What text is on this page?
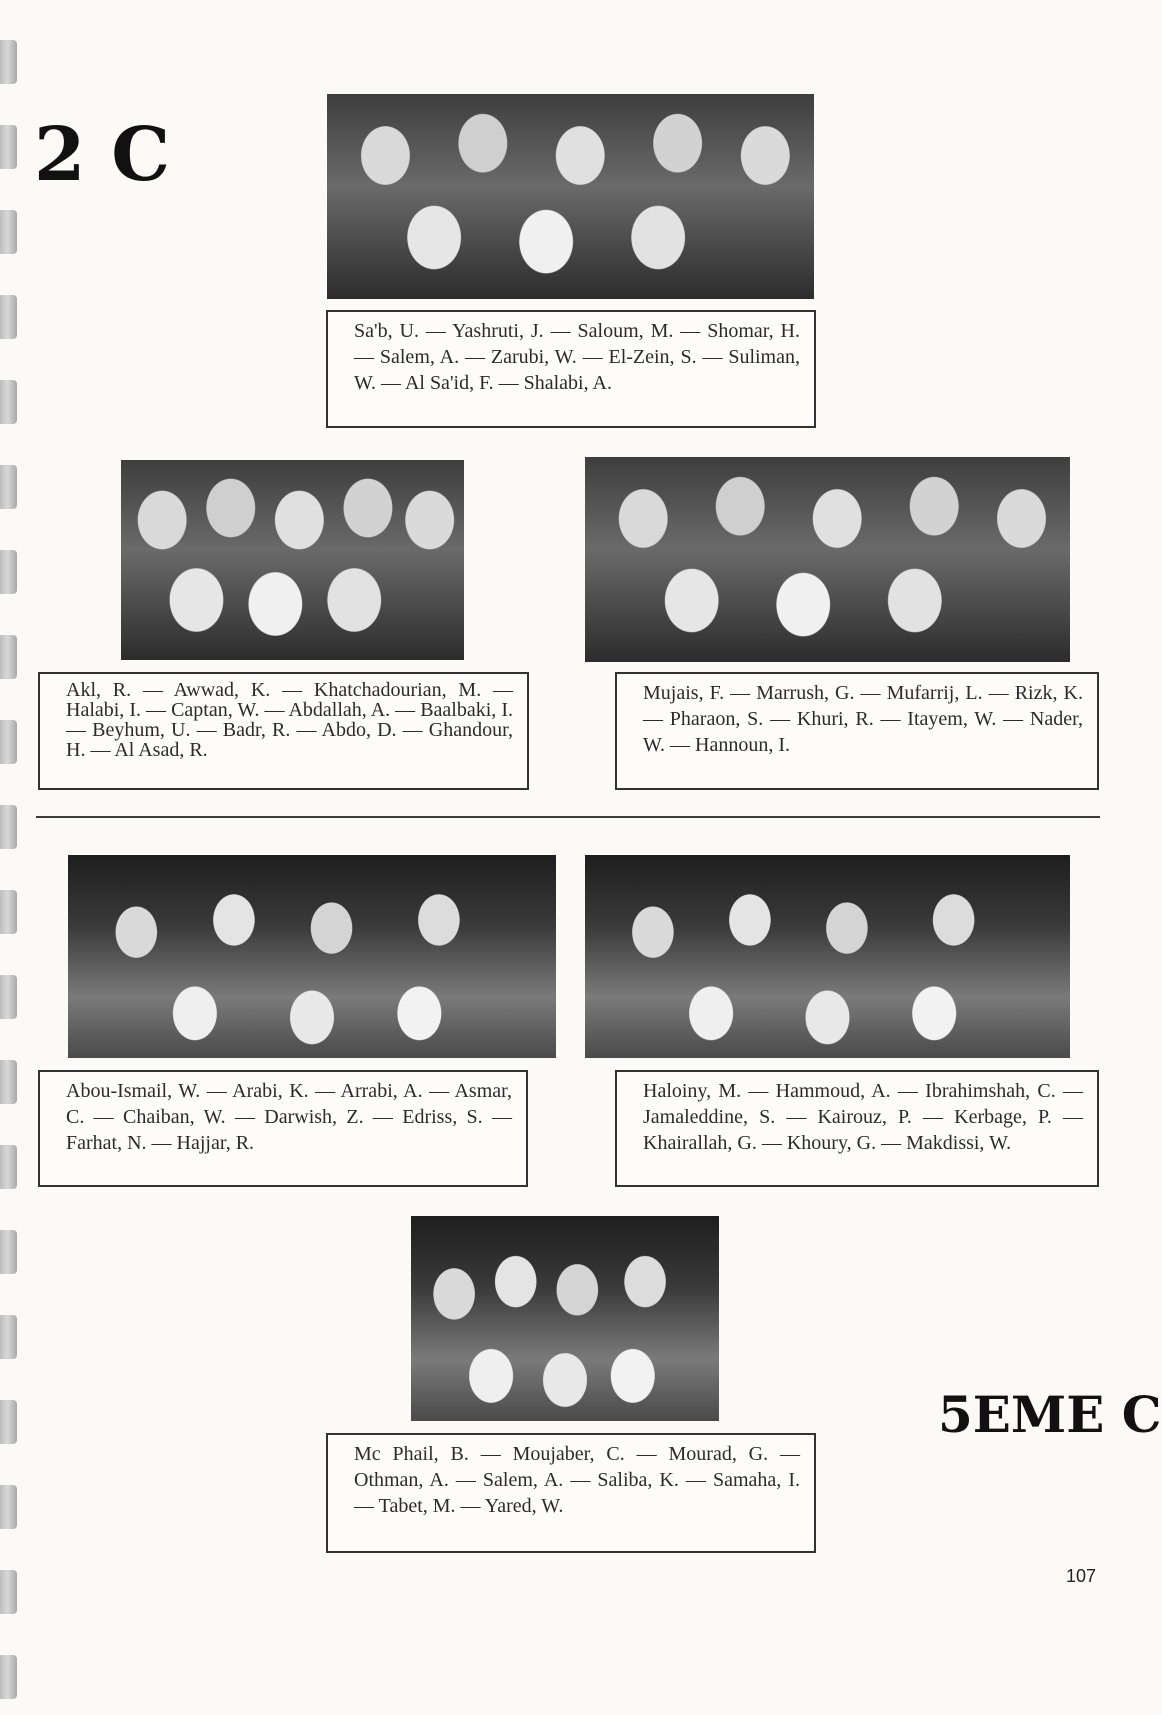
2 C
5EME C
Sa'b, U. — Yashruti, J. — Saloum, M. — Shomar, H. — Salem, A. — Zarubi, W. — El-Zein, S. — Suliman, W. — Al Sa'id, F. — Shalabi, A.
Akl, R. — Awwad, K. — Khatchadourian, M. — Halabi, I. — Captan, W. — Abdallah, A. — Baalbaki, I. — Beyhum, U. — Badr, R. — Abdo, D. — Ghandour, H. — Al Asad, R.
Mujais, F. — Marrush, G. — Mufarrij, L. — Rizk, K. — Pharaon, S. — Khuri, R. — Itayem, W. — Nader, W. — Hannoun, I.
Abou-Ismail, W. — Arabi, K. — Arrabi, A. — Asmar, C. — Chaiban, W. — Darwish, Z. — Edriss, S. — Farhat, N. — Hajjar, R.
Haloiny, M. — Hammoud, A. — Ibrahimshah, C. — Jamaleddine, S. — Kairouz, P. — Kerbage, P. — Khairallah, G. — Khoury, G. — Makdissi, W.
Mc Phail, B. — Moujaber, C. — Mourad, G. — Othman, A. — Salem, A. — Saliba, K. — Samaha, I. — Tabet, M. — Yared, W.
107
